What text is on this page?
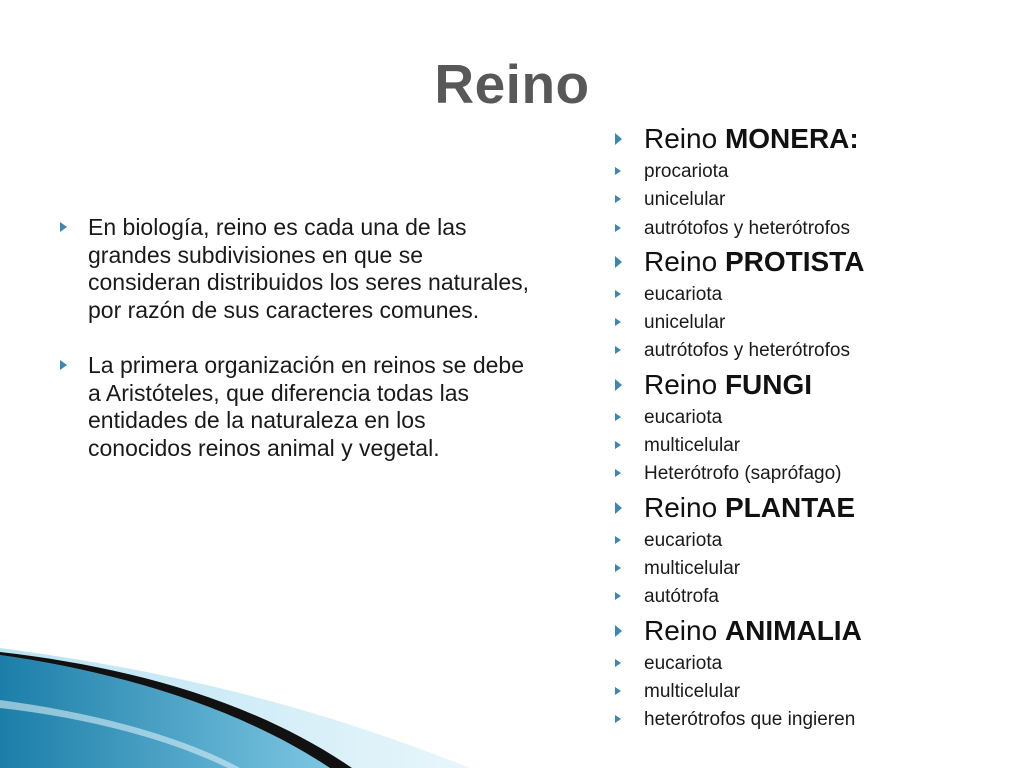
Reino
En biología, reino es cada una de las grandes subdivisiones en que se consideran distribuidos los seres naturales, por razón de sus caracteres comunes.
La primera organización en reinos se debe a Aristóteles, que diferencia todas las entidades de la naturaleza en los conocidos reinos animal y vegetal.
Reino MONERA:
procariota
unicelular
autrótofos y heterótrofos
Reino PROTISTA
eucariota
unicelular
autrótofos y heterótrofos
Reino FUNGI
eucariota
multicelular
Heterótrofo (saprófago)
Reino PLANTAE
eucariota
multicelular
autótrofa
Reino ANIMALIA
eucariota
multicelular
heterótrofos que ingieren
